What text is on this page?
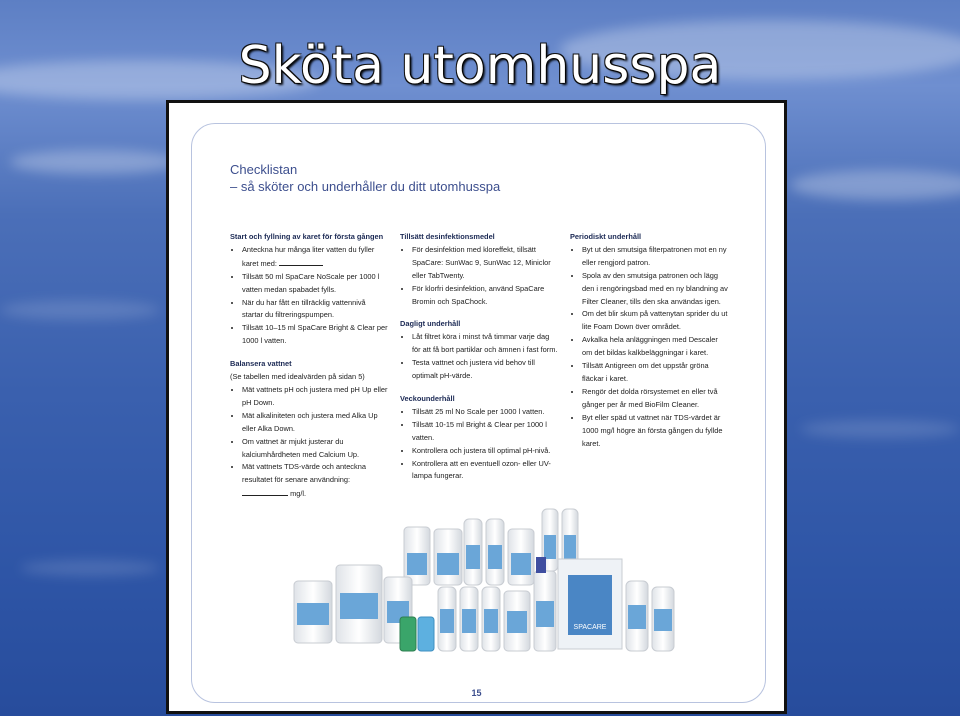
Sköta utomhusspa
Checklistan
– så sköter och underhåller du ditt utomhusspa
Start och fyllning av karet för första gången
• Anteckna hur många liter vatten du fyller karet med:
• Tillsätt 50 ml SpaCare NoScale per 1000 l vatten medan spabadet fylls.
• När du har fått en tillräcklig vattennivå startar du filtreringspumpen.
• Tillsätt 10–15 ml SpaCare Bright & Clear per 1000 l vatten.
Balansera vattnet
(Se tabellen med idealvärden på sidan 5)
• Mät vattnets pH och justera med pH Up eller pH Down.
• Mät alkaliniteten och justera med Alka Up eller Alka Down.
• Om vattnet är mjukt justerar du kalciumhårdheten med Calcium Up.
• Mät vattnets TDS-värde och anteckna resultatet för senare användning:
mg/l.
Tillsätt desinfektionsmedel
• För desinfektion med kloreffekt, tillsätt SpaCare: SunWac 9, SunWac 12, Miniclor eller TabTwenty.
• För klorfri desinfektion, använd SpaCare Bromin och SpaChock.
Dagligt underhåll
• Låt filtret köra i minst två timmar varje dag för att få bort partiklar och ämnen i fast form.
• Testa vattnet och justera vid behov till optimalt pH-värde.
Veckounderhåll
• Tillsätt 25 ml No Scale per 1000 l vatten.
• Tillsätt 10-15 ml Bright & Clear per 1000 l vatten.
• Kontrollera och justera till optimal pH-nivå.
• Kontrollera att en eventuell ozon- eller UV-lampa fungerar.
Periodiskt underhåll
• Byt ut den smutsiga filterpatronen mot en ny eller rengjord patron.
• Spola av den smutsiga patronen och lägg den i rengöringsbad med en ny blandning av Filter Cleaner, tills den ska användas igen.
• Om det blir skum på vattenytan sprider du ut lite Foam Down över området.
• Avkalka hela anläggningen med Descaler om det bildas kalkbeläggningar i karet.
• Tillsätt Antigreen om det uppstår gröna fläckar i karet.
• Rengör det dolda rörsystemet en eller två gånger per år med BioFilm Cleaner.
• Byt eller späd ut vattnet när TDS-värdet är 1000 mg/l högre än första gången du fyllde karet.
SPACARE
15
